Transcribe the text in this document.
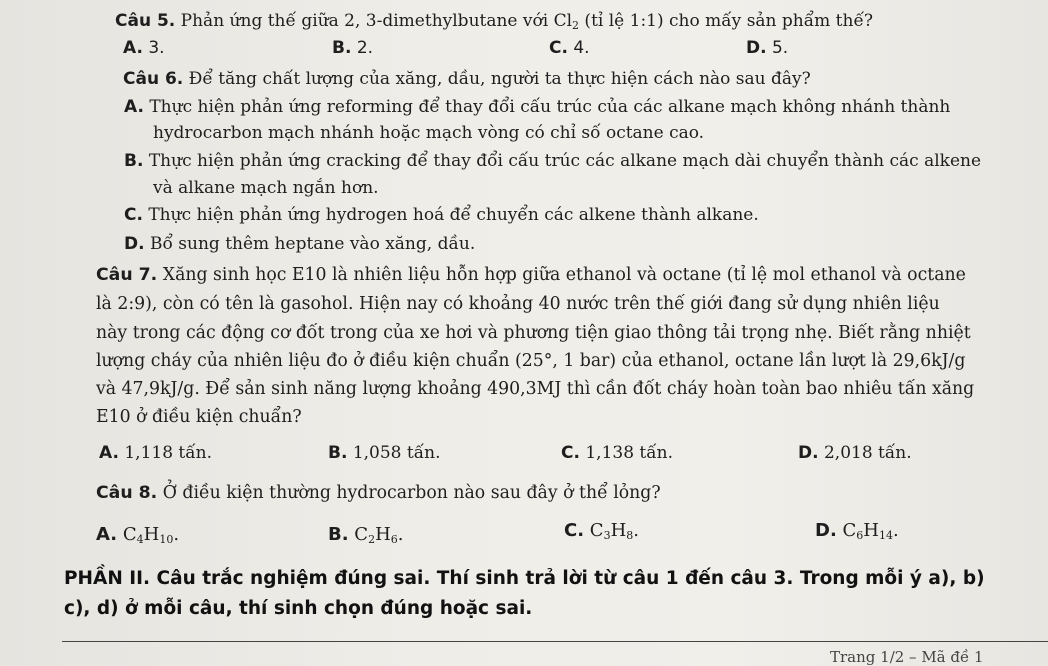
Câu 5. Phản ứng thế giữa 2, 3-dimethylbutane với $Cl_2$ (tỉ lệ 1:1) cho mấy sản phẩm thế?
A. 3.	B. 2.	C. 4.	D. 5.
Câu 6. Để tăng chất lượng của xăng, dầu, người ta thực hiện cách nào sau đây?
A. Thực hiện phản ứng reforming để thay đổi cấu trúc của các alkane mạch không nhánh thành
hydrocarbon mạch nhánh hoặc mạch vòng có chỉ số octane cao.
B. Thực hiện phản ứng cracking để thay đổi cấu trúc các alkane mạch dài chuyển thành các alkene
và alkane mạch ngắn hơn.
C. Thực hiện phản ứng hydrogen hoá để chuyển các alkene thành alkane.
D. Bổ sung thêm heptane vào xăng, dầu.
Câu 7. Xăng sinh học E10 là nhiên liệu hỗn hợp giữa ethanol và octane (tỉ lệ mol ethanol và octane
là 2:9), còn có tên là gasohol. Hiện nay có khoảng 40 nước trên thế giới đang sử dụng nhiên liệu
này trong các động cơ đốt trong của xe hơi và phương tiện giao thông tải trọng nhẹ. Biết rằng nhiệt
lượng cháy của nhiên liệu đo ở điều kiện chuẩn (25°, 1 bar) của ethanol, octane lần lượt là 29,6kJ/g
và 47,9kJ/g. Để sản sinh năng lượng khoảng 490,3MJ thì cần đốt cháy hoàn toàn bao nhiêu tấn xăng
E10 ở điều kiện chuẩn?
A. 1,118 tấn.	B. 1,058 tấn.	C. 1,138 tấn.	D. 2,018 tấn.
Câu 8. Ở điều kiện thường hydrocarbon nào sau đây ở thể lỏng?
A. $C_4H_{10}$.	B. $C_2H_6$.	C. $C_3H_8$.	D. $C_6H_{14}$.
PHẦN II. Câu trắc nghiệm đúng sai. Thí sinh trả lời từ câu 1 đến câu 3. Trong mỗi ý a), b)
c), d) ở mỗi câu, thí sinh chọn đúng hoặc sai.
Trang 1/2 – Mã đề 1
